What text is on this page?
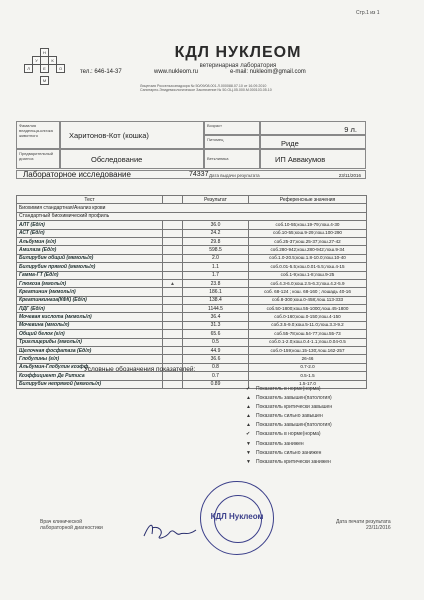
Стр.1 из 1
Н
У	К
Л	Е	О
М
КДЛ НУКЛЕОМ
ветеринарная лаборатория
тел.: 646-14-37	www.nukleom.ru	e-mail: nukleom@gmail.com
Лицензия Россельхознадзора № 50/09/08.001.Л.000088.07.10 от 16.09.2010
Санитарно-Эпидемиологическое Заключение № 50.ОЦ.05.000.М.000103.05.10
Фамилия владельца-кличка животного	Харитонов-Кот (кошка)
Возраст	9 л.
Питомец	Риде
Предварительный диагноз	Обследование	Ветклиника	ИП Аввакумов
Лабораторное исследование	74337 Дата выдачи результата	23/11/2016
Тест		Результат	Референсные значения
Биохимия стандартная/Анализ крови			
Стандартный биохимический профиль			
АЛТ (Ед/л)		36.0	соб.10-55;кош.19-79;лош.4-30
АСТ (Ед/л)		24.2	соб.10-55;кош.9-29;лош.100-290
Альбумин (г/л)		29.8	соб.25-37;кош.25-37;лош.27-42
Амилаза (Ед/л)		598.5	соб.280-942;кош.280-942;лош.9-34
Билирубин общий (мкмоль/л)		2.0	соб.1.0-20.5;кош.1.8-10.0;лош.10-40
Билирубин прямой (мкмоль/л)		1.1	соб.0.01-5.5;кош.0.01-5.5;лош.4-15
Гамма-ГТ (Ед/л)		1.7	соб.1-9;кош.1-8;лош.9-25
Глюкоза (ммоль/л)	▲	23.8	соб.4.3-6.0;кош.2.5-6.3;лош.4.2-5.9
Креатинин (мкмоль/л)		186.1	соб. 68-124 ; кош. 68-160 ; лошадь 40-16
Креатинкиназа(КФК) (Ед/л)		138.4	соб.8-300;кош.0-458;лош.113-333
ЛДГ (Ед/л)		1144.5	соб.50-1800;кош.55-1000;лош.45-1800
Мочевая кислота (мкмоль/л)		36.4	соб.0-160;кош.0-150;лош.4-150
Мочевина (ммоль/л)		31.3	соб.3.5-9.0;кош.5-11.0;лош.3.3-9.2
Общий белок (г/л)		65.6	соб.55-78;кош.54-77;лош.55-73
Триглицериды (ммоль/л)		0.5	соб.0.1-2.0;кош.0.4-1.1;лош.0.04-0.5
Щелочная фосфатаза (Ед/л)		44.9	соб.0-159;кош.15-130;лош.162-257
Глобулины (г/л)		36.6	26-46
Альбумин-Глобулин коэфф.		0.8	0.7-2.0
Коэффициент Де Ритиса		0.7	0.5-1.5
Билирубин непрямой (мкмоль/л)		0.89	1.5-17.0
Условные обозначения показателей:
✔ Показатель в норме(норма)
▲ Показатель завышен(патология)
▲ Показатель критически завышен
▲ Показатель сильно завышен
▲ Показатель завышен(патология)
✔ Показатель в норме(норма)
▼ Показатель занижен
▼ Показатель сильно занижен
▼ Показатель критически занижен
Врач клинической
лабораторной диагностики
КДЛ Нуклеом
Дата печати результата
23/11/2016
